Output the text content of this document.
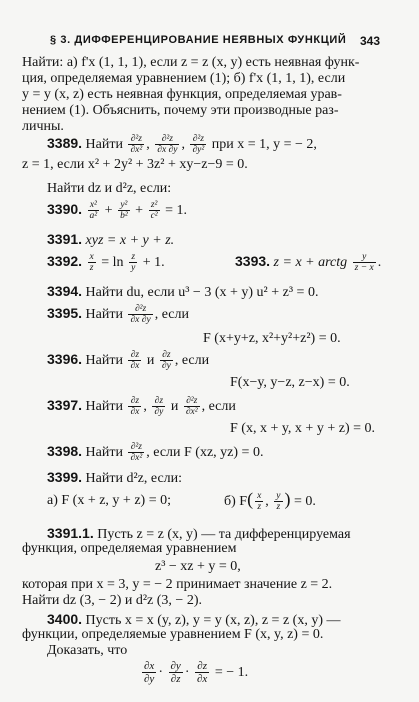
§ 3. ДИФФЕРЕНЦИРОВАНИЕ НЕЯВНЫХ ФУНКЦИЙ 343
Найти: а) f'x (1, 1, 1), если z = z (x, y) есть неявная функ-
ция, определяемая уравнением (1); б) f'x (1, 1, 1), если
y = y (x, z) есть неявная функция, определяемая урав-
нением (1). Объяснить, почему эти производные раз-
личны.
3389. Найти $\frac{\text{∂²z}}{\text{∂x²}}$ , $\frac{\text{∂²z}}{\partial x \partial y}$ , $\frac{\text{∂²z}}{\text{∂y²}}$ при x = 1, y = − 2,
z = 1, если x² + 2y² + 3z² + xy−z−9 = 0.
Найти dz и d²z, если:
3390. $\frac{\text{x²}}{\text{a²}} + \frac{\text{y²}}{\text{b²}} + \frac{\text{z²}}{\text{c²}} = 1$.
3391. xyz = x + y + z.
3392. $\frac{x}{z} = \ln \frac{z}{y} + 1$.	3393. z = x + arctg $\frac{y}{z - x}$ .
3394. Найти du, если u³ − 3 (x + y) u² + z³ = 0.
3395. Найти $\frac{\text{∂²z}}{\partial x \partial y}$ , если
F (x+y+z, x²+y²+z²) = 0.
3396. Найти $\frac{\partial z}{\partial x}$ и $\frac{\partial z}{\partial y}$ , если
F(x−y, y−z, z−x) = 0.
3397. Найти $\frac{\partial z}{\partial x}$ , $\frac{\partial z}{\partial y}$ и $\frac{\text{∂²z}}{\text{∂x²}}$ , если
F (x, x + y, x + y + z) = 0.
3398. Найти $\frac{\text{∂²z}}{\text{∂x²}}$ , если F (xz, yz) = 0.
3399. Найти d²z, если:
а) F (x + z, y + z) = 0;	б) $F( \frac{x}{z}$ , $\frac{y}{z}$ ) = 0.
3391.1. Пусть z = z (x, y) — та дифференцируемая
функция, определяемая уравнением
z³ − xz + y = 0,
которая при x = 3, y = − 2 принимает значение z = 2.
Найти dz (3, − 2) и d²z (3, − 2).
3400. Пусть x = x (y, z), y = y (x, z), z = z (x, y) —
функции, определяемые уравнением F (x, y, z) = 0.
Доказать, что
$\frac{\partial x}{\partial y} \cdot \frac{\partial y}{\partial z} \cdot \frac{\partial z}{\partial x}$ = − 1.
